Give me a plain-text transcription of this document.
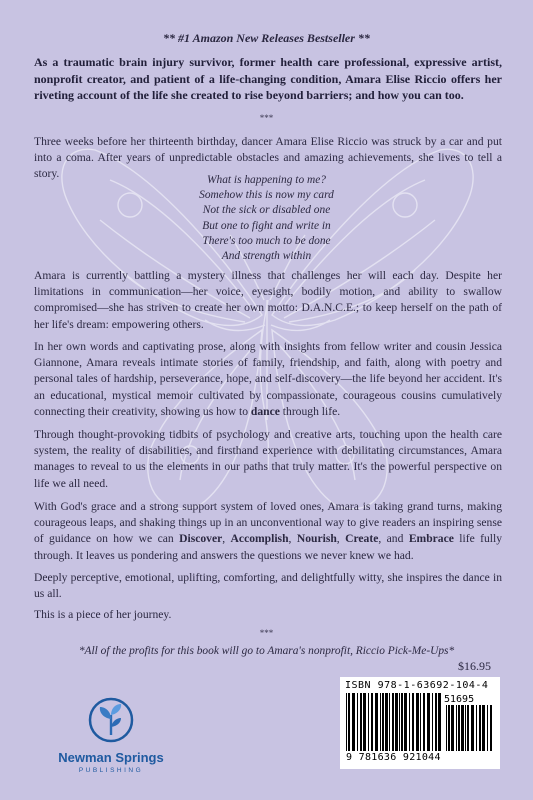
** #1 Amazon New Releases Bestseller **

As a traumatic brain injury survivor, former health care professional, expressive artist, nonprofit creator, and patient of a life-changing condition, Amara Elise Riccio offers her riveting account of the life she created to rise beyond barriers; and how you can too.

***

Three weeks before her thirteenth birthday, dancer Amara Elise Riccio was struck by a car and put into a coma. After years of unpredictable obstacles and amazing achievements, she lives to tell a story.	What is happening to me?
Somehow this is now my card
Not the sick or disabled one
But one to fight and write in
There's too much to be done
And strength within

Amara is currently battling a mystery illness that challenges her will each day. Despite her limitations in communication—her voice, eyesight, bodily motion, and ability to swallow compromised—she has striven to create her own motto: D.A.N.C.E.; to keep herself on the path of her life's dream: empowering others.

In her own words and captivating prose, along with insights from fellow writer and cousin Jessica Giannone, Amara reveals intimate stories of family, friendship, and faith, along with poetry and personal tales of hardship, perseverance, hope, and self-discovery—the life beyond her accident. It's an educational, mystical memoir cultivated by compassionate, courageous cousins cumulatively connecting their creativity, showing us how to dance through life.

Through thought-provoking tidbits of psychology and creative arts, touching upon the health care system, the reality of disabilities, and firsthand experience with debilitating circumstances, Amara manages to reveal to us the elements in our paths that truly matter. It's the powerful perspective on life we all need.

With God's grace and a strong support system of loved ones, Amara is taking grand turns, making courageous leaps, and shaking things up in an unconventional way to give readers an inspiring sense of guidance on how we can Discover, Accomplish, Nourish, Create, and Embrace life fully through. It leaves us pondering and answers the questions we never knew we had.

Deeply perceptive, emotional, uplifting, comforting, and delightfully witty, she inspires the dance in us all.

This is a piece of her journey.

***
*All of the profits for this book will go to Amara's nonprofit, Riccio Pick-Me-Ups*
$16.95
ISBN 978-1-63692-104-4
51695
9 781636 921044
Newman Springs
PUBLISHING
